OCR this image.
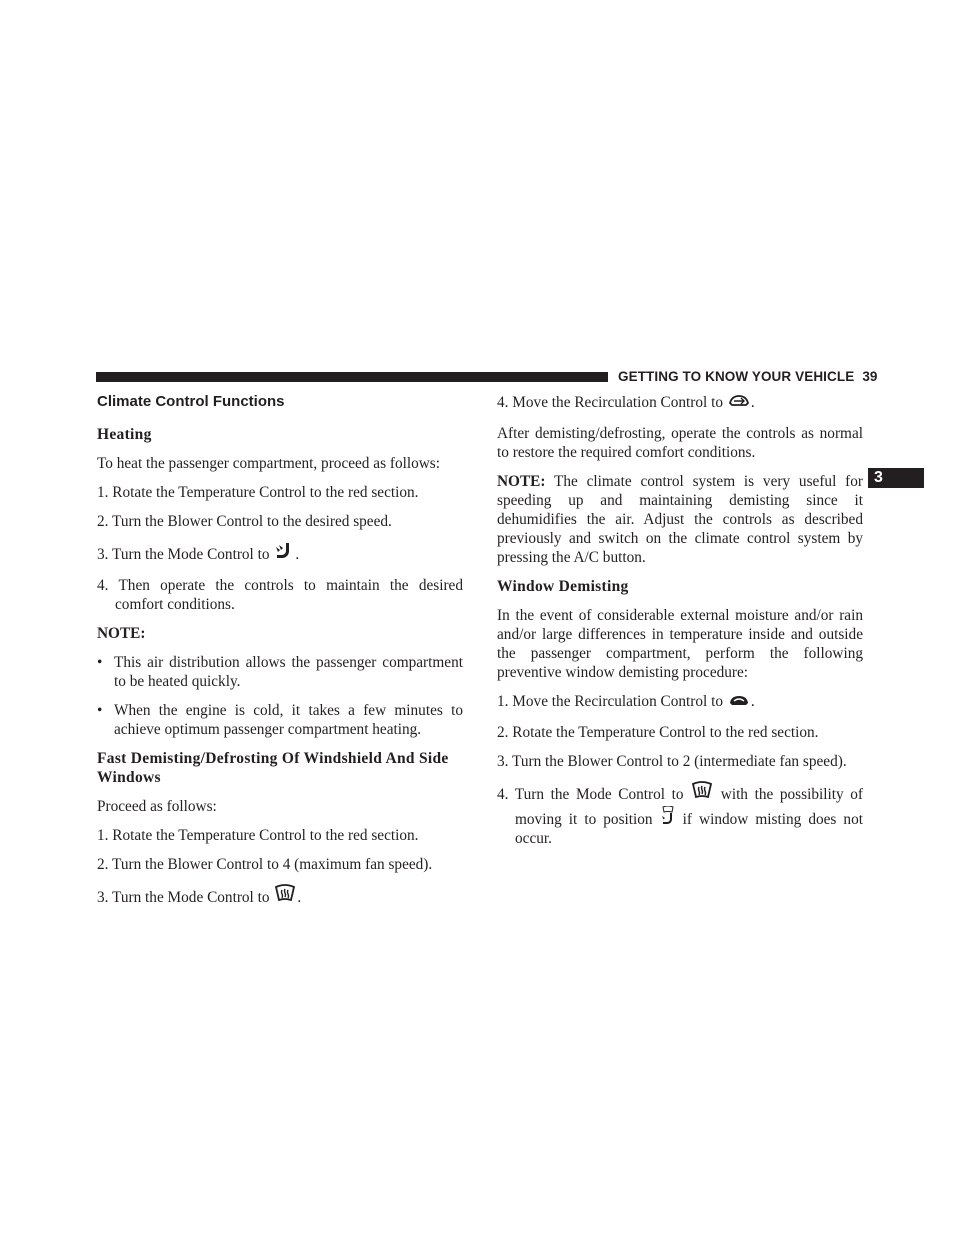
GETTING TO KNOW YOUR VEHICLE 39
3
Climate Control Functions
Heating

To heat the passenger compartment, proceed as follows:

1. Rotate the Temperature Control to the red section.

2. Turn the Blower Control to the desired speed.

3. Turn the Mode Control to .

4. Then operate the controls to maintain the desired comfort conditions.

NOTE:

• This air distribution allows the passenger compartment to be heated quickly.

• When the engine is cold, it takes a few minutes to achieve optimum passenger compartment heating.

Fast Demisting/Defrosting Of Windshield And Side Windows

Proceed as follows:

1. Rotate the Temperature Control to the red section.

2. Turn the Blower Control to 4 (maximum fan speed).

3. Turn the Mode Control to .

4. Move the Recirculation Control to .

After demisting/defrosting, operate the controls as normal to restore the required comfort conditions.

NOTE: The climate control system is very useful for speeding up and maintaining demisting since it dehumidifies the air. Adjust the controls as described previously and switch on the climate control system by pressing the A/C button.

Window Demisting

In the event of considerable external moisture and/or rain and/or large differences in temperature inside and outside the passenger compartment, perform the following preventive window demisting procedure:

1. Move the Recirculation Control to .

2. Rotate the Temperature Control to the red section.

3. Turn the Blower Control to 2 (intermediate fan speed).

4. Turn the Mode Control to with the possibility of moving it to position if window misting does not occur.
